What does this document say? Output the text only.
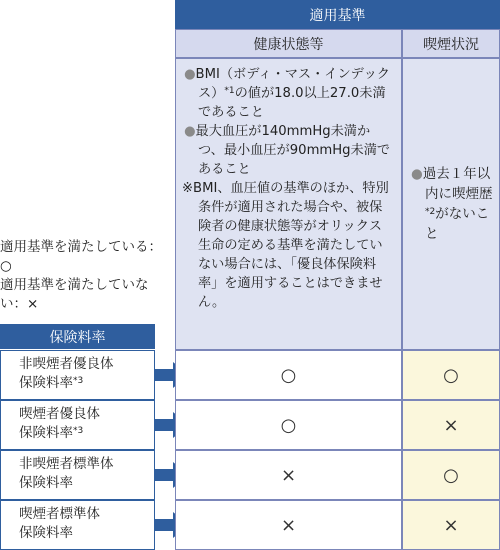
適用基準
健康状態等	喫煙状況

●BMI（ボディ・マス・インデックス）$^{*1}$の値が18.0以上27.0未満であること

●最大血圧が140mmHg未満かつ、最小血圧が90mmHg未満であること

※BMI、血圧値の基準のほか、特別条件が適用された場合や、被保険者の健康状態等がオリックス生命の定める基準を満たしていない場合には、「優良体保険料率」を適用することはできません。

●過去１年以内に喫煙歴$^{*2}$がないこと

適用基準を満たしている：○
適用基準を満たしていない：×
保険料率
非喫煙者優良体
保険料率$^{*3}$	○	○
喫煙者優良体
保険料率$^{*3}$	○	×
非喫煙者標準体
保険料率	×	○
喫煙者標準体
保険料率	×	×
